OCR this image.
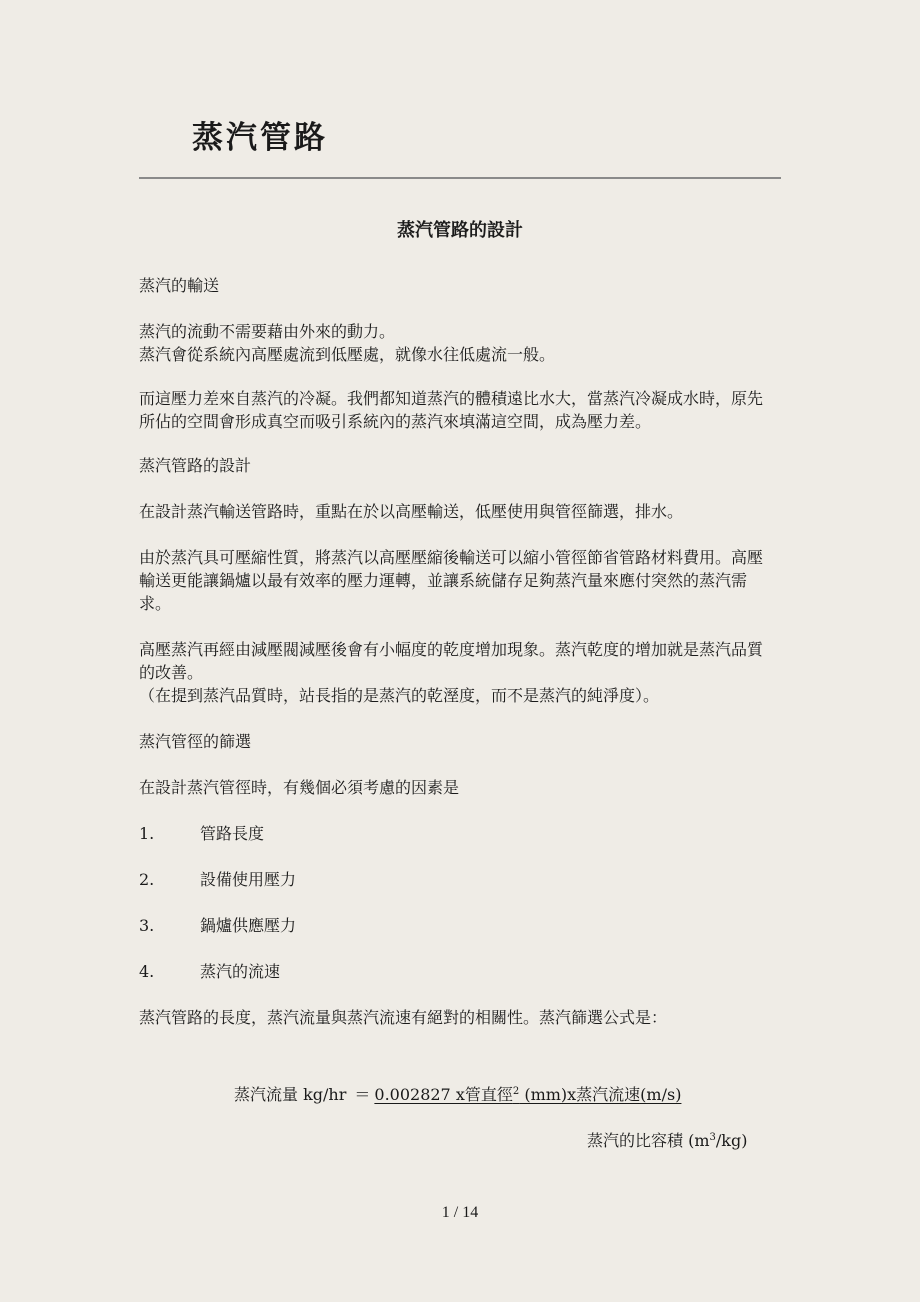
蒸汽管路
蒸汽管路的設計

蒸汽的輸送

蒸汽的流動不需要藉由外來的動力。

蒸汽會從系統內高壓處流到低壓處，就像水往低處流一般。

而這壓力差來自蒸汽的冷凝。我們都知道蒸汽的體積遠比水大，當蒸汽冷凝成水時，原先所佔的空間會形成真空而吸引系統內的蒸汽來填滿這空間，成為壓力差。

蒸汽管路的設計

在設計蒸汽輸送管路時，重點在於以高壓輸送，低壓使用與管徑篩選，排水。

由於蒸汽具可壓縮性質，將蒸汽以高壓壓縮後輸送可以縮小管徑節省管路材料費用。高壓輸送更能讓鍋爐以最有效率的壓力運轉，並讓系統儲存足夠蒸汽量來應付突然的蒸汽需求。

高壓蒸汽再經由減壓閥減壓後會有小幅度的乾度增加現象。蒸汽乾度的增加就是蒸汽品質的改善。

（在提到蒸汽品質時，站長指的是蒸汽的乾溼度，而不是蒸汽的純淨度）。

蒸汽管徑的篩選

在設計蒸汽管徑時，有幾個必須考慮的因素是

1.	管路長度
2.	設備使用壓力
3.	鍋爐供應壓力
4.	蒸汽的流速

蒸汽管路的長度，蒸汽流量與蒸汽流速有絕對的相關性。蒸汽篩選公式是：

蒸汽流量 kg/hr ＝ 0.002827 x管直徑$^2$ (mm)x蒸汽流速(m/s)
蒸汽的比容積 $(m^3/kg)$
1 / 14
